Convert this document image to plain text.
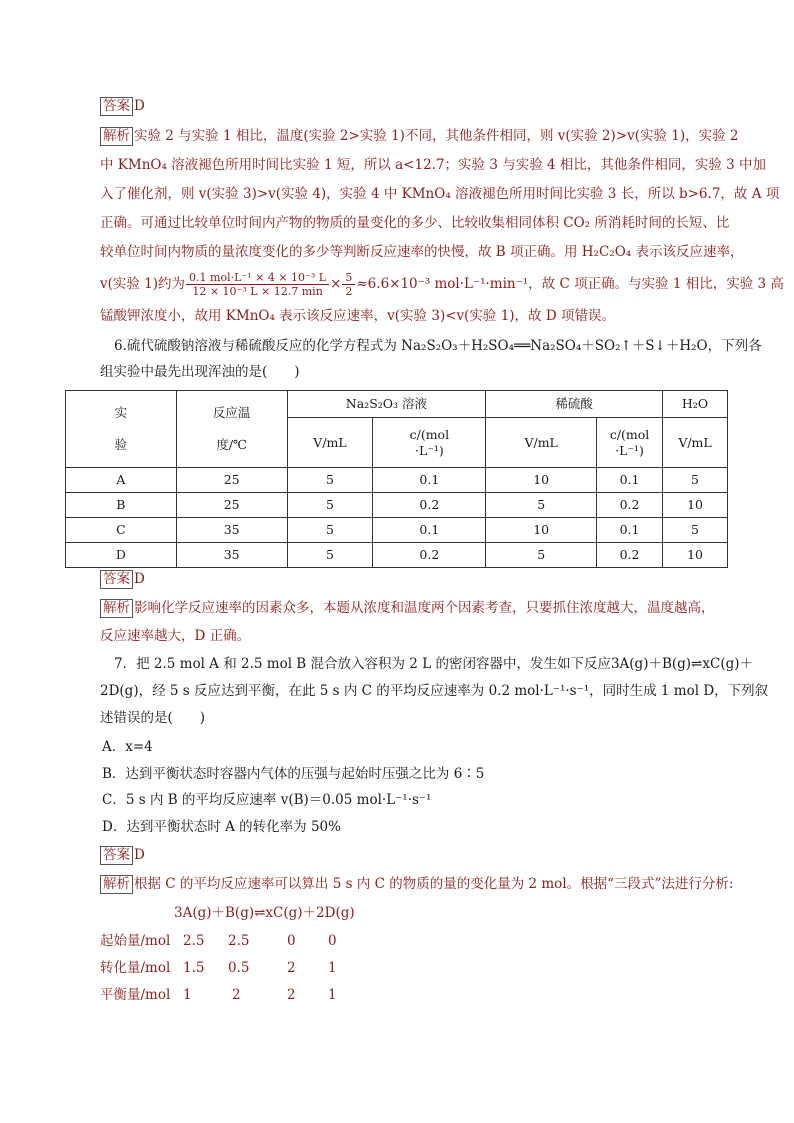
答案 D
解析 实验 2 与实验 1 相比，温度(实验 2>实验 1)不同，其他条件相同，则 v(实验 2)>v(实验 1)，实验 2
中 KMnO₄ 溶液褪色所用时间比实验 1 短，所以 a<12.7；实验 3 与实验 4 相比，其他条件相同，实验 3 中加
入了催化剂，则 v(实验 3)>v(实验 4)，实验 4 中 KMnO₄ 溶液褪色所用时间比实验 3 长，所以 b>6.7，故 A 项
正确。可通过比较单位时间内产物的物质的量变化的多少、比较收集相同体积 CO₂ 所消耗时间的长短、比
较单位时间内物质的量浓度变化的多少等判断反应速率的快慢，故 B 项正确。用 H₂C₂O₄ 表示该反应速率，
v(实验 1)约为 $\frac{\text{0.1 mol·L⁻¹ × 4 × 10⁻³ L}}{\text{12 × 10⁻³ L × 12.7 min}} \times \frac{5}{2} \approx 6.6\times 10^{-3}$ mol·L⁻¹·min⁻¹，故 C 项正确。与实验 1 相比，实验 3 高
锰酸钾浓度小，故用 KMnO₄ 表示该反应速率，v(实验 3)<v(实验 1)，故 D 项错误。
6.硫代硫酸钠溶液与稀硫酸反应的化学方程式为 Na₂S₂O₃＋H₂SO₄══Na₂SO₄＋SO₂↑＋S↓＋H₂O，下列各
组实验中最先出现浑浊的是(　　)
实

验	反应温

度/℃	Na₂S₂O₃ 溶液		稀硫酸		H₂O
		V/mL	c/(mol
·L⁻¹)	V/mL	c/(mol
·L⁻¹)	V/mL
A	25	5	0.1	10	0.1	5
B	25	5	0.2	5	0.2	10
C	35	5	0.1	10	0.1	5
D	35	5	0.2	5	0.2	10
答案 D
解析 影响化学反应速率的因素众多，本题从浓度和温度两个因素考查，只要抓住浓度越大，温度越高，
反应速率越大，D 正确。
7．把 2.5 mol A 和 2.5 mol B 混合放入容积为 2 L 的密闭容器中，发生如下反应3A(g)＋B(g)⇌xC(g)＋
2D(g)，经 5 s 反应达到平衡，在此 5 s 内 C 的平均反应速率为 0.2 mol·L⁻¹·s⁻¹，同时生成 1 mol D，下列叙
述错误的是(　　)
A．x=4
B．达到平衡状态时容器内气体的压强与起始时压强之比为 6∶5
C．5 s 内 B 的平均反应速率 v(B)＝0.05 mol·L⁻¹·s⁻¹
D．达到平衡状态时 A 的转化率为 50%
答案 D
解析 根据 C 的平均反应速率可以算出 5 s 内 C 的物质的量的变化量为 2 mol。根据“三段式”法进行分析:
3A(g)＋B(g)⇌xC(g)＋2D(g)
起始量/mol 2.5 2.5	0 0
转化量/mol 1.5 0.5	2 1
平衡量/mol 1	2	2 1
